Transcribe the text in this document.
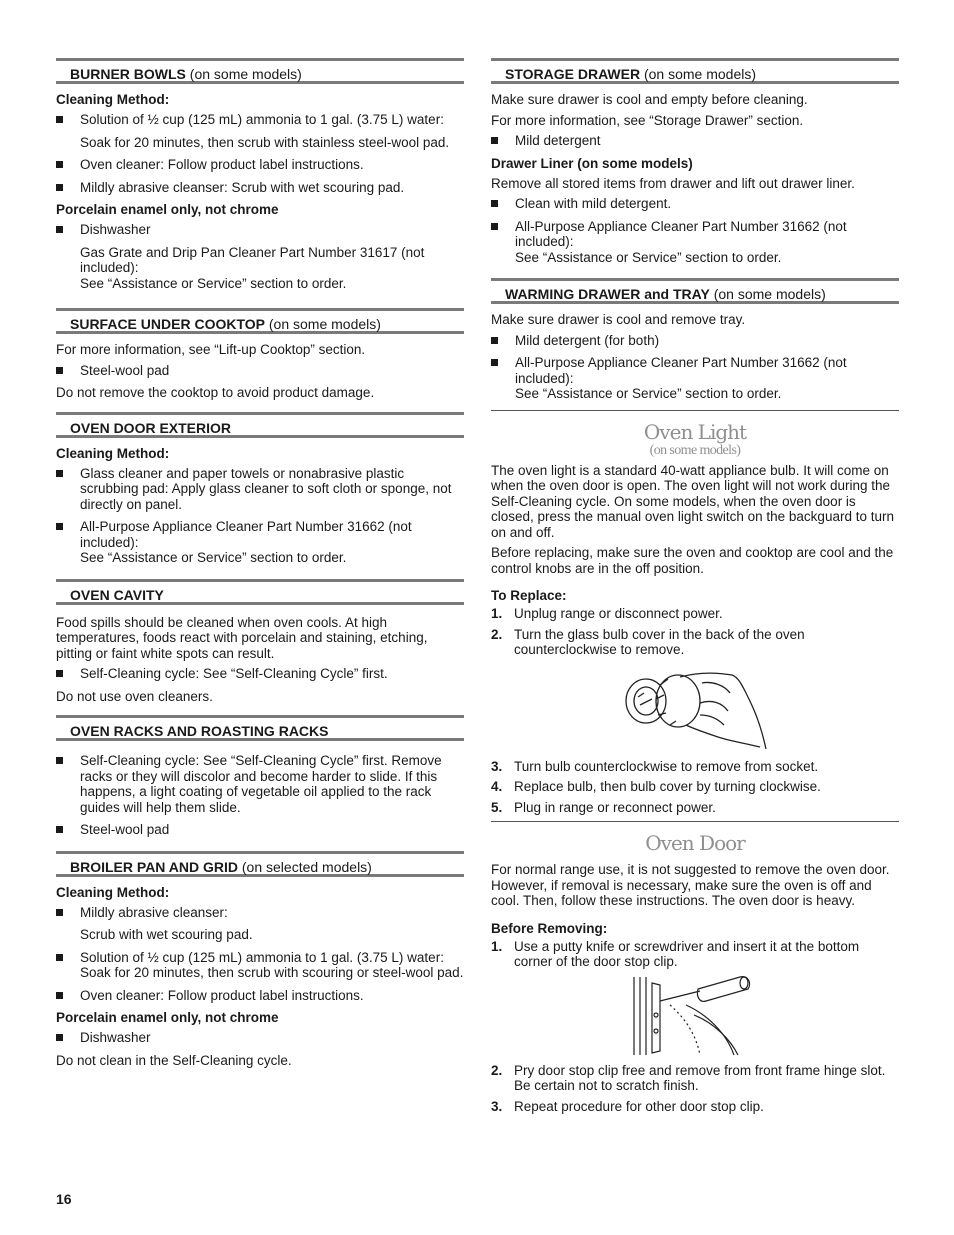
BURNER BOWLS (on some models)
Cleaning Method:
Solution of ½ cup (125 mL) ammonia to 1 gal. (3.75 L) water:
Soak for 20 minutes, then scrub with stainless steel-wool pad.
Oven cleaner: Follow product label instructions.
Mildly abrasive cleanser: Scrub with wet scouring pad.
Porcelain enamel only, not chrome
Dishwasher
Gas Grate and Drip Pan Cleaner Part Number 31617 (not included):
See “Assistance or Service” section to order.
SURFACE UNDER COOKTOP (on some models)
For more information, see “Lift-up Cooktop” section.
Steel-wool pad
Do not remove the cooktop to avoid product damage.
OVEN DOOR EXTERIOR
Cleaning Method:
Glass cleaner and paper towels or nonabrasive plastic scrubbing pad: Apply glass cleaner to soft cloth or sponge, not directly on panel.
All-Purpose Appliance Cleaner Part Number 31662 (not included):
See “Assistance or Service” section to order.
OVEN CAVITY
Food spills should be cleaned when oven cools. At high temperatures, foods react with porcelain and staining, etching, pitting or faint white spots can result.
Self-Cleaning cycle: See “Self-Cleaning Cycle” first.
Do not use oven cleaners.
OVEN RACKS AND ROASTING RACKS
Self-Cleaning cycle: See “Self-Cleaning Cycle” first. Remove racks or they will discolor and become harder to slide. If this happens, a light coating of vegetable oil applied to the rack guides will help them slide.
Steel-wool pad
BROILER PAN AND GRID (on selected models)
Cleaning Method:
Mildly abrasive cleanser:
Scrub with wet scouring pad.
Solution of ½ cup (125 mL) ammonia to 1 gal. (3.75 L) water: Soak for 20 minutes, then scrub with scouring or steel-wool pad.
Oven cleaner: Follow product label instructions.
Porcelain enamel only, not chrome
Dishwasher
Do not clean in the Self-Cleaning cycle.
STORAGE DRAWER (on some models)
Make sure drawer is cool and empty before cleaning.
For more information, see “Storage Drawer” section.
Mild detergent
Drawer Liner (on some models)
Remove all stored items from drawer and lift out drawer liner.
Clean with mild detergent.
All-Purpose Appliance Cleaner Part Number 31662 (not included):
See “Assistance or Service” section to order.
WARMING DRAWER and TRAY (on some models)
Make sure drawer is cool and remove tray.
Mild detergent (for both)
All-Purpose Appliance Cleaner Part Number 31662 (not included):
See “Assistance or Service” section to order.
Oven Light
(on some models)
The oven light is a standard 40-watt appliance bulb. It will come on when the oven door is open. The oven light will not work during the Self-Cleaning cycle. On some models, when the oven door is closed, press the manual oven light switch on the backguard to turn on and off.
Before replacing, make sure the oven and cooktop are cool and the control knobs are in the off position.
To Replace:
1. Unplug range or disconnect power.
2. Turn the glass bulb cover in the back of the oven counterclockwise to remove.
3. Turn bulb counterclockwise to remove from socket.
4. Replace bulb, then bulb cover by turning clockwise.
5. Plug in range or reconnect power.
Oven Door
For normal range use, it is not suggested to remove the oven door. However, if removal is necessary, make sure the oven is off and cool. Then, follow these instructions. The oven door is heavy.
Before Removing:
1. Use a putty knife or screwdriver and insert it at the bottom corner of the door stop clip.
2. Pry door stop clip free and remove from front frame hinge slot. Be certain not to scratch finish.
3. Repeat procedure for other door stop clip.
16
